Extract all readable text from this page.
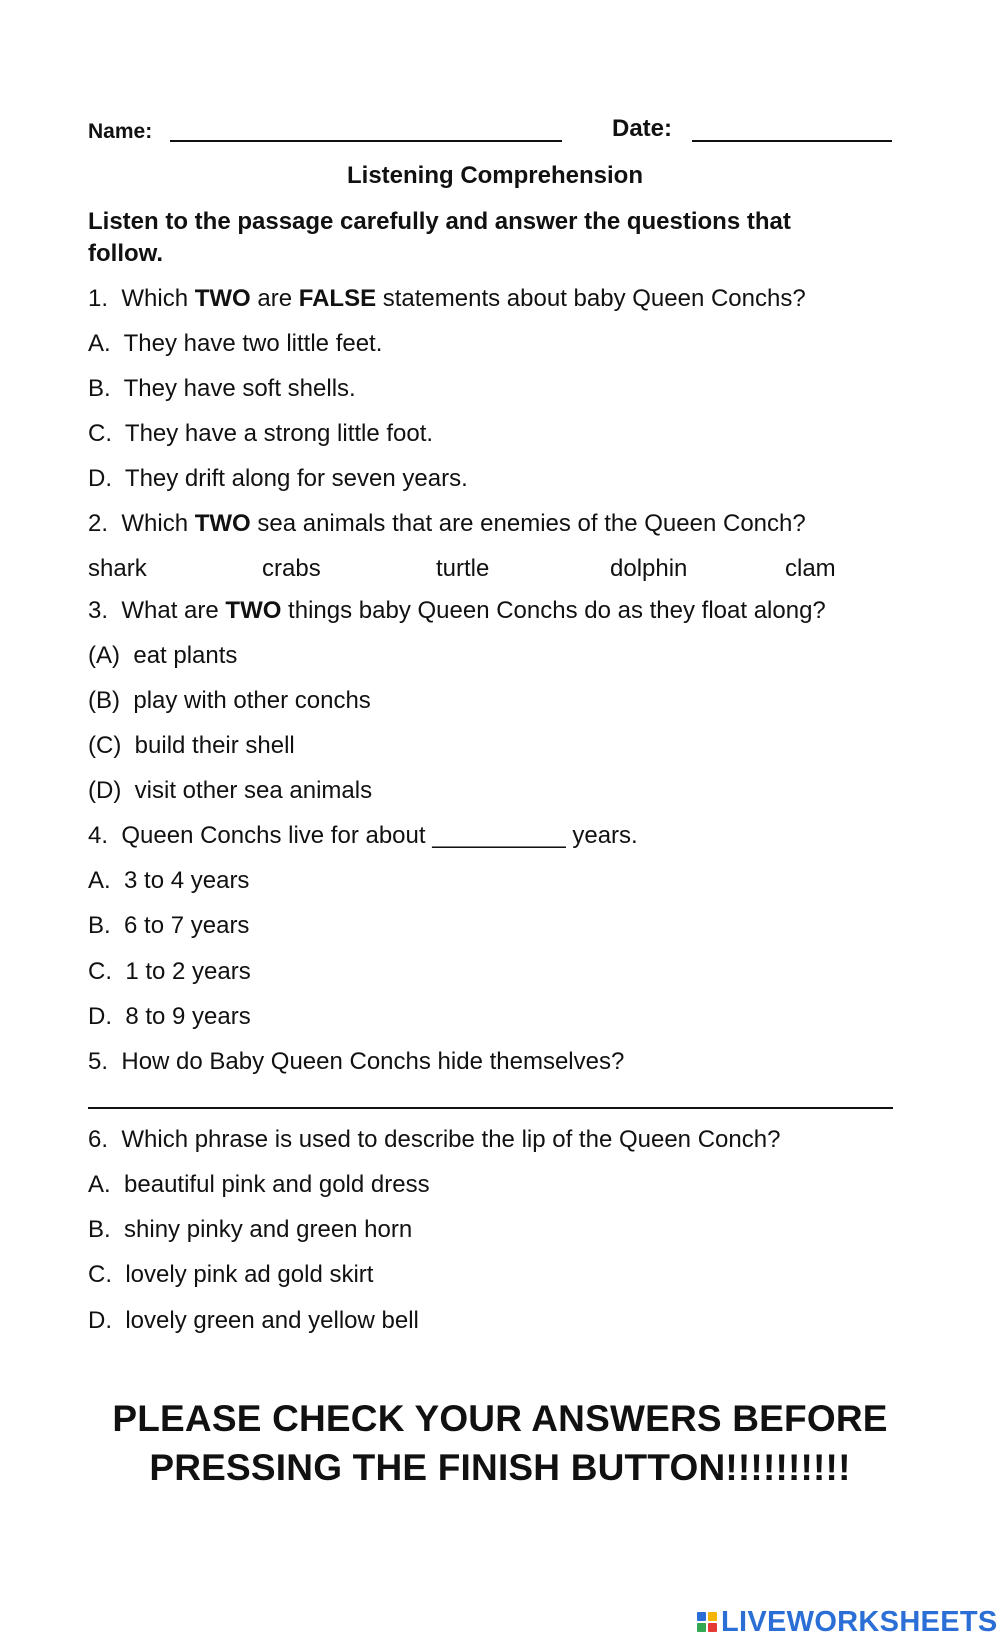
Name:	Date:
Listening Comprehension
Listen to the passage carefully and answer the questions that
follow.
1. Which TWO are FALSE statements about baby Queen Conchs?
A. They have two little feet.
B. They have soft shells.
C. They have a strong little foot.
D. They drift along for seven years.
2. Which TWO sea animals that are enemies of the Queen Conch?
shark	crabs	turtle	dolphin	clam
3. What are TWO things baby Queen Conchs do as they float along?
(A) eat plants
(B) play with other conchs
(C) build their shell
(D) visit other sea animals
4. Queen Conchs live for about __________ years.
A. 3 to 4 years
B. 6 to 7 years
C. 1 to 2 years
D. 8 to 9 years
5. How do Baby Queen Conchs hide themselves?
6. Which phrase is used to describe the lip of the Queen Conch?
A. beautiful pink and gold dress
B. shiny pinky and green horn
C. lovely pink ad gold skirt
D. lovely green and yellow bell
PLEASE CHECK YOUR ANSWERS BEFORE
PRESSING THE FINISH BUTTON!!!!!!!!!!
LIVEWORKSHEETS
